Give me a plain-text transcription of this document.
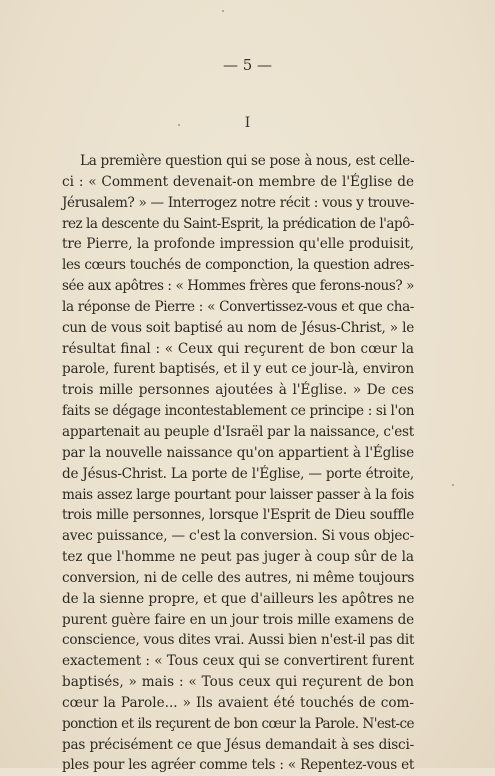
— 5 —
I
La première question qui se pose à nous, est celle-
ci : « Comment devenait-on membre de l'Église de
Jérusalem? » — Interrogez notre récit : vous y trouve-
rez la descente du Saint-Esprit, la prédication de l'apô-
tre Pierre, la profonde impression qu'elle produisit,
les cœurs touchés de componction, la question adres-
sée aux apôtres : « Hommes frères que ferons-nous? »
la réponse de Pierre : « Convertissez-vous et que cha-
cun de vous soit baptisé au nom de Jésus-Christ, » le
résultat final : « Ceux qui reçurent de bon cœur la
parole, furent baptisés, et il y eut ce jour-là, environ
trois mille personnes ajoutées à l'Église. » De ces
faits se dégage incontestablement ce principe : si l'on
appartenait au peuple d'Israël par la naissance, c'est
par la nouvelle naissance qu'on appartient à l'Église
de Jésus-Christ. La porte de l'Église, — porte étroite,
mais assez large pourtant pour laisser passer à la fois
trois mille personnes, lorsque l'Esprit de Dieu souffle
avec puissance, — c'est la conversion. Si vous objec-
tez que l'homme ne peut pas juger à coup sûr de la
conversion, ni de celle des autres, ni même toujours
de la sienne propre, et que d'ailleurs les apôtres ne
purent guère faire en un jour trois mille examens de
conscience, vous dites vrai. Aussi bien n'est-il pas dit
exactement : « Tous ceux qui se convertirent furent
baptisés, » mais : « Tous ceux qui reçurent de bon
cœur la Parole... » Ils avaient été touchés de com-
ponction et ils reçurent de bon cœur la Parole. N'est-ce
pas précisément ce que Jésus demandait à ses disci-
ples pour les agréer comme tels : « Repentez-vous et
